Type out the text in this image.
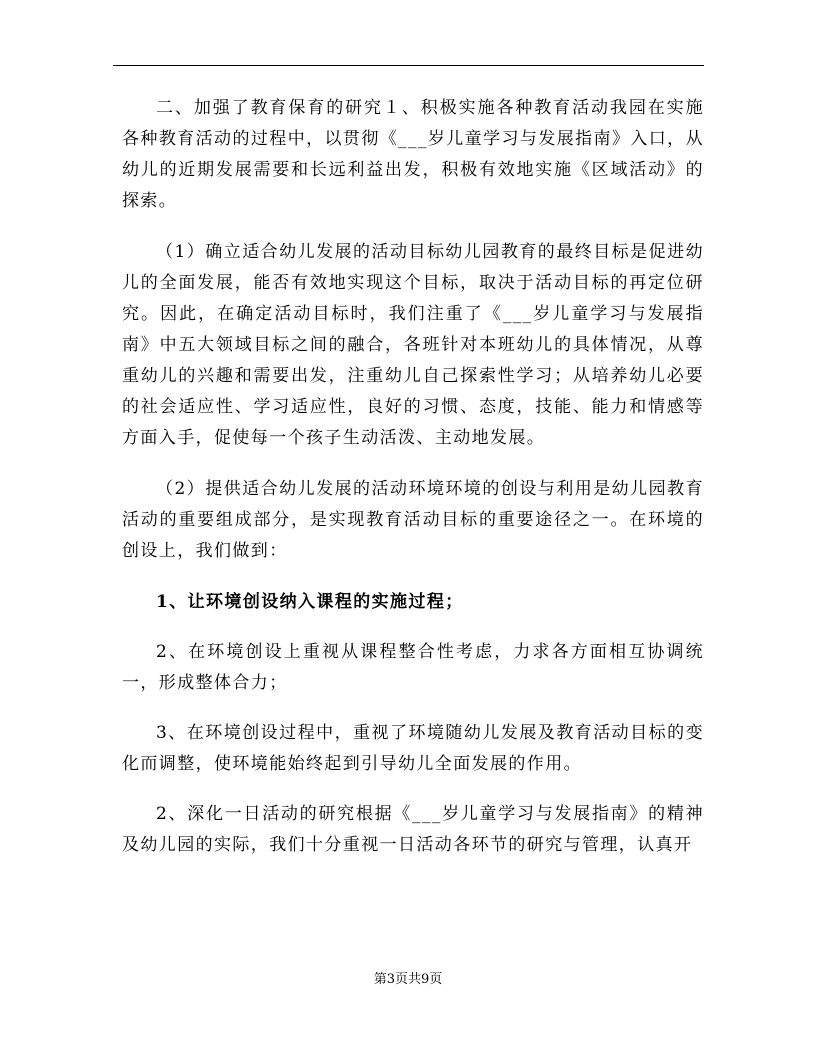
二、加强了教育保育的研究１、积极实施各种教育活动我园在实施各种教育活动的过程中，以贯彻《___岁儿童学习与发展指南》入口，从幼儿的近期发展需要和长远利益出发，积极有效地实施《区域活动》的探索。

（1）确立适合幼儿发展的活动目标幼儿园教育的最终目标是促进幼儿的全面发展，能否有效地实现这个目标，取决于活动目标的再定位研究。因此，在确定活动目标时，我们注重了《___岁儿童学习与发展指南》中五大领域目标之间的融合，各班针对本班幼儿的具体情况，从尊重幼儿的兴趣和需要出发，注重幼儿自己探索性学习；从培养幼儿必要的社会适应性、学习适应性，良好的习惯、态度，技能、能力和情感等方面入手，促使每一个孩子生动活泼、主动地发展。

（2）提供适合幼儿发展的活动环境环境的创设与利用是幼儿园教育活动的重要组成部分，是实现教育活动目标的重要途径之一。在环境的创设上，我们做到：

1、让环境创设纳入课程的实施过程；

2、在环境创设上重视从课程整合性考虑，力求各方面相互协调统一，形成整体合力；

3、在环境创设过程中，重视了环境随幼儿发展及教育活动目标的变化而调整，使环境能始终起到引导幼儿全面发展的作用。

2、深化一日活动的研究根据《___岁儿童学习与发展指南》的精神及幼儿园的实际，我们十分重视一日活动各环节的研究与管理，认真开

第3页共9页
